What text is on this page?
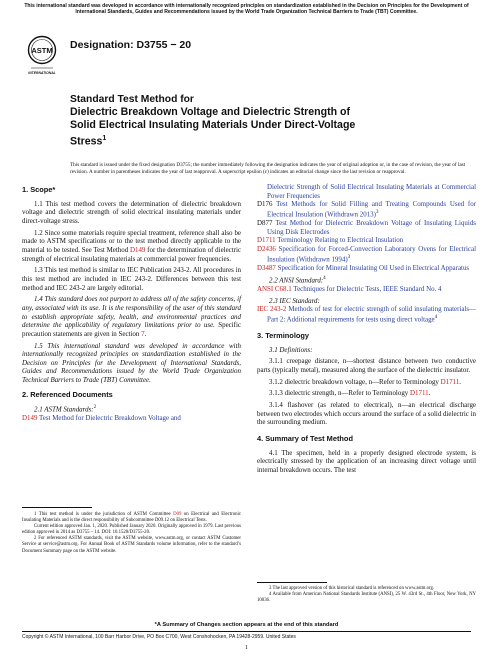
This international standard was developed in accordance with internationally recognized principles on standardization established in the Decision on Principles for the Development of International Standards, Guides and Recommendations issued by the World Trade Organization Technical Barriers to Trade (TBT) Committee.
ASTM
INTERNATIONAL
Designation: D3755 − 20
Standard Test Method for
Dielectric Breakdown Voltage and Dielectric Strength of
Solid Electrical Insulating Materials Under Direct-Voltage
Stress$^1$
This standard is issued under the fixed designation D3755; the number immediately following the designation indicates the year of original adoption or, in the case of revision, the year of last revision. A number in parentheses indicates the year of last reapproval. A superscript epsilon (ε) indicates an editorial change since the last revision or reapproval.
1. Scope*

1.1 This test method covers the determination of dielectric breakdown voltage and dielectric strength of solid electrical insulating materials under direct-voltage stress.

1.2 Since some materials require special treatment, reference shall also be made to ASTM specifications or to the test method directly applicable to the material to be tested. See Test Method D149 for the determination of dielectric strength of electrical insulating materials at commercial power frequencies.

1.3 This test method is similar to IEC Publication 243-2. All procedures in this test method are included in IEC 243-2. Differences between this test method and IEC 243-2 are largely editorial.

1.4 This standard does not purport to address all of the safety concerns, if any, associated with its use. It is the responsibility of the user of this standard to establish appropriate safety, health, and environmental practices and determine the applicability of regulatory limitations prior to use. Specific precaution statements are given in Section 7.

1.5 This international standard was developed in accordance with internationally recognized principles on standardization established in the Decision on Principles for the Development of International Standards, Guides and Recommendations issued by the World Trade Organization Technical Barriers to Trade (TBT) Committee.

2. Referenced Documents

2.1 ASTM Standards:$^2$

D149 Test Method for Dielectric Breakdown Voltage and

1 This test method is under the jurisdiction of ASTM Committee D09 on Electrical and Electronic Insulating Materials and is the direct responsibility of Subcommittee D09.12 on Electrical Tests.

Current edition approved Jan. 1, 2020. Published January 2020. Originally approved in 1979. Last previous edition approved in 2014 as D3755 – 14. DOI: 10.1520/D3755-20.

2 For referenced ASTM standards, visit the ASTM website, www.astm.org, or contact ASTM Customer Service at service@astm.org. For Annual Book of ASTM Standards volume information, refer to the standard’s Document Summary page on the ASTM website.

Dielectric Strength of Solid Electrical Insulating Materials at Commercial Power Frequencies

D176 Test Methods for Solid Filling and Treating Compounds Used for Electrical Insulation (Withdrawn 2013)$^3$

D877 Test Method for Dielectric Breakdown Voltage of Insulating Liquids Using Disk Electrodes

D1711 Terminology Relating to Electrical Insulation

D2436 Specification for Forced-Convection Laboratory Ovens for Electrical Insulation (Withdrawn 1994)$^3$

D3487 Specification for Mineral Insulating Oil Used in Electrical Apparatus

2.2 ANSI Standard:$^4$

ANSI C68.1 Techniques for Dielectric Tests, IEEE Standard No. 4

2.3 IEC Standard:

IEC 243-2 Methods of test for electric strength of solid insulating materials—Part 2: Additional requirements for tests using direct voltage$^4$

3. Terminology

3.1 Definitions:

3.1.1 creepage distance, n—shortest distance between two conductive parts (typically metal), measured along the surface of the dielectric insulator.

3.1.2 dielectric breakdown voltage, n—Refer to Terminology D1711.

3.1.3 dielectric strength, n—Refer to Terminology D1711.

3.1.4 flashover (as related to electrical), n—an electrical discharge between two electrodes which occurs around the surface of a solid dielectric in the surrounding medium.

4. Summary of Test Method

4.1 The specimen, held in a properly designed electrode system, is electrically stressed by the application of an increasing direct voltage until internal breakdown occurs. The test

3 The last approved version of this historical standard is referenced on www.astm.org.

4 Available from American National Standards Institute (ANSI), 25 W. 43rd St., 4th Floor, New York, NY 10036.

*A Summary of Changes section appears at the end of this standard
Copyright © ASTM International, 100 Barr Harbor Drive, PO Box C700, West Conshohocken, PA 19428-2959. United States
1
